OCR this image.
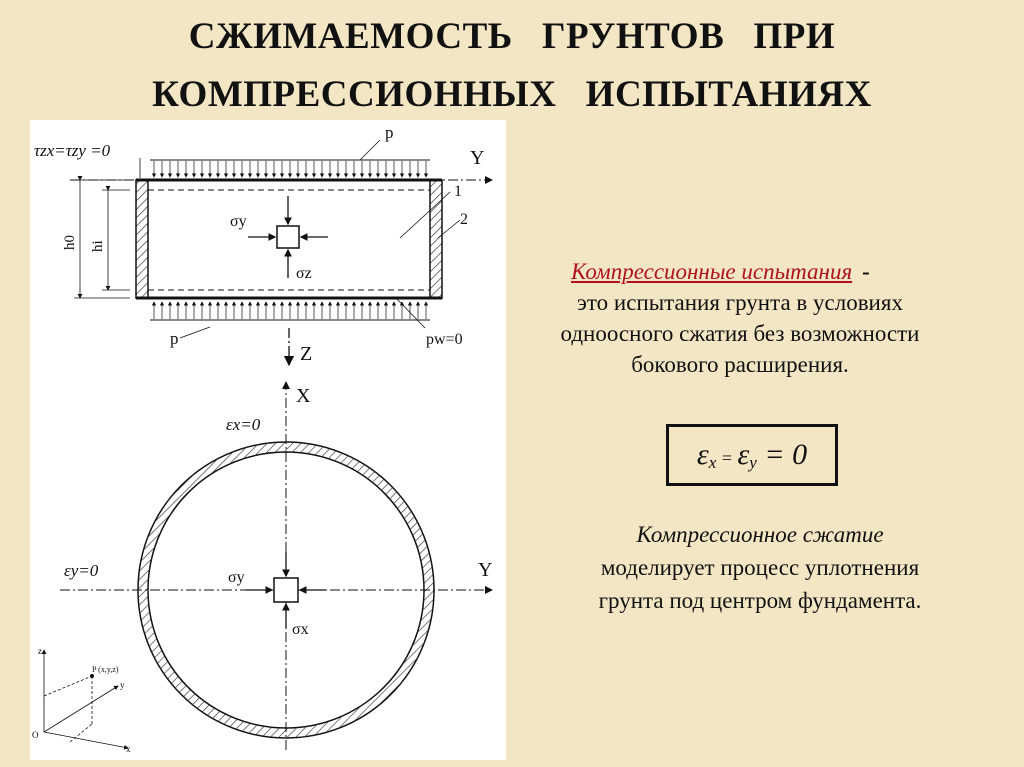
СЖИМАЕМОСТЬ   ГРУНТОВ   ПРИ
КОМПРЕССИОННЫХ   ИСПЫТАНИЯХ
τzx=τzy =0
p
Y
1
2
h0 hi
σy
σz
p	pw=0
Z
X
εx=0
εy=0	Y
σy
σx
z
P (x,y,z)
y
O
x
Компрессионные испытания -
это испытания грунта в условиях
одноосного сжатия без возможности
бокового расширения.
$\varepsilon_x = \varepsilon_y = 0$
Компрессионное сжатие
моделирует процесс уплотнения
грунта под центром фундамента.
